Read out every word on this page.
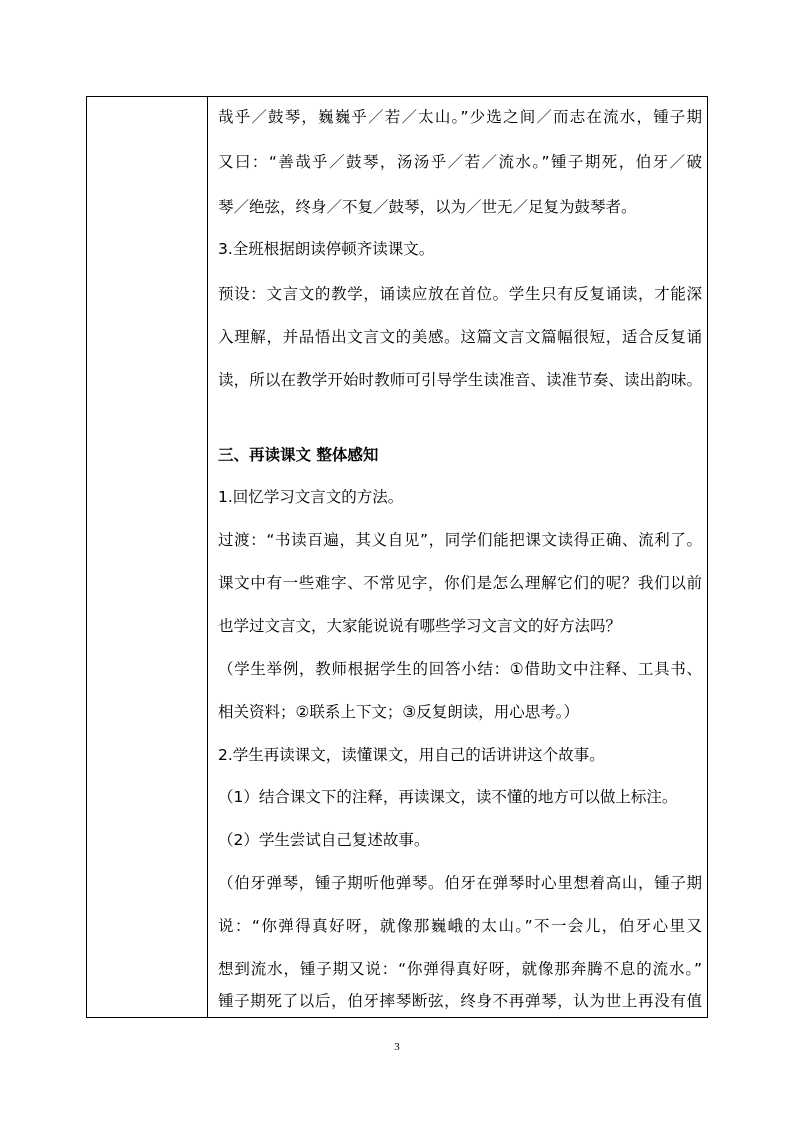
哉乎／鼓琴，巍巍乎／若／太山。”少选之间／而志在流水，锺子期
又曰：“善哉乎／鼓琴，汤汤乎／若／流水。”锺子期死，伯牙／破
琴／绝弦，终身／不复／鼓琴，以为／世无／足复为鼓琴者。
3.全班根据朗读停顿齐读课文。
预设：文言文的教学，诵读应放在首位。学生只有反复诵读，才能深
入理解，并品悟出文言文的美感。这篇文言文篇幅很短，适合反复诵
读，所以在教学开始时教师可引导学生读准音、读准节奏、读出韵味。
三、再读课文 整体感知
1.回忆学习文言文的方法。
过渡：“书读百遍，其义自见”，同学们能把课文读得正确、流利了。
课文中有一些难字、不常见字，你们是怎么理解它们的呢？我们以前
也学过文言文，大家能说说有哪些学习文言文的好方法吗？
（学生举例，教师根据学生的回答小结：①借助文中注释、工具书、
相关资料；②联系上下文；③反复朗读，用心思考。）
2.学生再读课文，读懂课文，用自己的话讲讲这个故事。
（1）结合课文下的注释，再读课文，读不懂的地方可以做上标注。
（2）学生尝试自己复述故事。
（伯牙弹琴，锺子期听他弹琴。伯牙在弹琴时心里想着高山，锺子期
说：“你弹得真好呀，就像那巍峨的太山。”不一会儿，伯牙心里又
想到流水，锺子期又说：“你弹得真好呀，就像那奔腾不息的流水。”
锺子期死了以后，伯牙摔琴断弦，终身不再弹琴，认为世上再没有值
3
